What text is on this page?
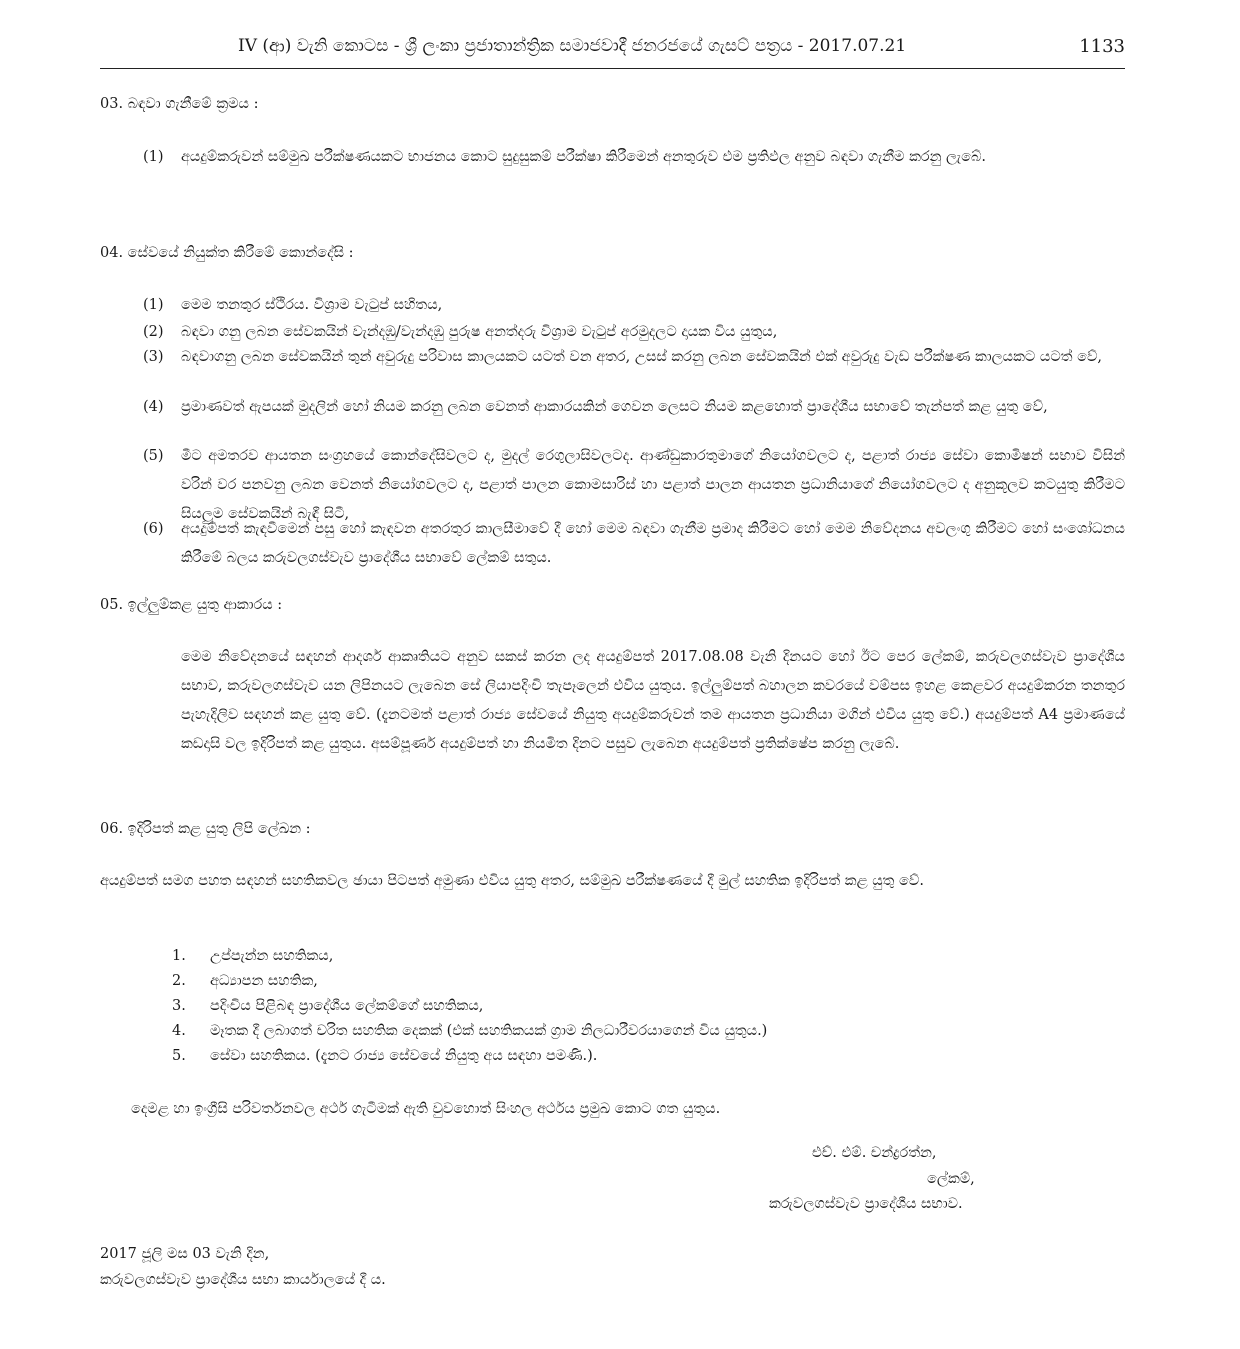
IV (ආ) වැනි කොටස - ශ්‍රී ලංකා ප්‍රජාතාන්ත්‍රික සමාජවාදී ජනරජයේ ගැසට් පත්‍රය - 2017.07.21	1133
03. බඳවා ගැනීමේ ක්‍රමය :
(1)	අයදුම්කරුවන් සම්මුඛ පරීක්ෂණයකට භාජනය කොට සුදුසුකම් පරීක්ෂා කිරීමෙන් අනතුරුව එම ප්‍රතිඵල අනුව බඳවා ගැනීම කරනු ලැබේ.
04. සේවයේ නියුක්ත කිරීමේ කොන්දේසි :
(1)	මෙම තනතුර ස්ථිරය. විශ්‍රාම වැටුප් සහිතය,
(2)	බඳවා ගනු ලබන සේවකයින් වැන්දඹු/වැන්දඹු පුරුෂ අනත්දරු විශ්‍රාම වැටුප් අරමුදලට දායක විය යුතුය,
(3)	බඳවාගනු ලබන සේවකයින් තුන් අවුරුදු පරිවාස කාලයකට යටත් වන අතර, උසස් කරනු ලබන සේවකයින් එක් අවුරුදු වැඩ පරීක්ෂණ කාලයකට යටත් වේ,
(4)	ප්‍රමාණවත් ඇපයක් මුදලින් හෝ නියම කරනු ලබන වෙනත් ආකාරයකින් ගෙවන ලෙසට නියම කළහොත් ප්‍රාදේශීය සභාවේ තැන්පත් කළ යුතු වේ,
(5)	මීට අමතරව ආයතන සංග්‍රහයේ කොන්දේසිවලට ද, මුදල් රෙගුලාසිවලටද. ආණ්ඩුකාරතුමාගේ නියෝගවලට ද, පළාත් රාජ්‍ය සේවා කොමිෂන් සභාව විසින් වරින් වර පනවනු ලබන වෙනත් නියෝගවලට ද, පළාත් පාලන කොමසාරිස් හා පළාත් පාලන ආයතන ප්‍රධානියාගේ නියෝගවලට ද අනුකූලව කටයුතු කිරීමට සියලුම සේවකයින් බැඳී සිටී,
(6)	අයදුම්පත් කැඳවීමෙන් පසු හෝ කැඳවන අතරතුර කාලසීමාවේ දී හෝ මෙම බඳවා ගැනීම ප්‍රමාද කිරීමට හෝ මෙම නිවේදනය අවලංගු කිරීමට හෝ සංශෝධනය කිරීමේ බලය කරුවලගස්වැව ප්‍රාදේශීය සභාවේ ලේකම් සතුය.
05. ඉල්ලුම්කළ යුතු ආකාරය :
මෙම නිවේදනයේ සඳහන් ආදර්ශ ආකෘතියට අනුව සකස් කරන ලද අයදුම්පත් 2017.08.08 වැනි දිනයට හෝ ඊට පෙර ලේකම්, කරුවලගස්වැව ප්‍රාදේශීය සභාව, කරුවලගස්වැව යන ලිපිනයට ලැබෙන සේ ලියාපදිංචි තැපෑලෙන් එවිය යුතුය. ඉල්ලුම්පත් බහාලන කවරයේ වම්පස ඉහළ කෙළවර අයදුම්කරන තනතුර පැහැදිලිව සඳහන් කළ යුතු වේ. (දැනටමත් පළාත් රාජ්‍ය සේවයේ නියුතු අයදුම්කරුවන් තම ආයතන ප්‍රධානියා මගින් එවිය යුතු වේ.) අයදුම්පත් A4 ප්‍රමාණයේ කඩදාසි වල ඉදිරිපත් කළ යුතුය. අසම්පූර්ණ අයදුම්පත් හා නියමිත දිනට පසුව ලැබෙන අයදුම්පත් ප්‍රතික්ෂේප කරනු ලැබේ.
06. ඉදිරිපත් කළ යුතු ලිපි ලේඛන :
අයදුම්පත් සමග පහත සඳහන් සහතිකවල ඡායා පිටපත් අමුණා එවිය යුතු අතර, සම්මුඛ පරීක්ෂණයේ දී මුල් සහතික ඉදිරිපත් කළ යුතු වේ.
1. උප්පැන්න සහතිකය,
2. අධ්‍යාපන සහතික,
3. පදිංචිය පිළිබඳ ප්‍රාදේශීය ලේකම්ගේ සහතිකය,
4. මෑතක දී ලබාගත් චරිත සහතික දෙකක් (එක් සහතිකයක් ග්‍රාම නිලධාරීවරයාගෙන් විය යුතුය.)
5. සේවා සහතිකය. (දැනට රාජ්‍ය සේවයේ නියුතු අය සඳහා පමණි.).
දෙමළ හා ඉංග්‍රීසි පරිවර්තනවල අර්ථ ගැටීමක් ඇති වුවහොත් සිංහල අර්ථය ප්‍රමුඛ කොට ගත යුතුය.
එච්. එම්. චන්ද්‍රරත්න,
ලේකම්,
කරුවලගස්වැව ප්‍රාදේශීය සභාව.
2017 ජූලි මස 03 වැනි දින,
කරුවලගස්වැව ප්‍රාදේශීය සභා කාර්යාලයේ දී ය.
